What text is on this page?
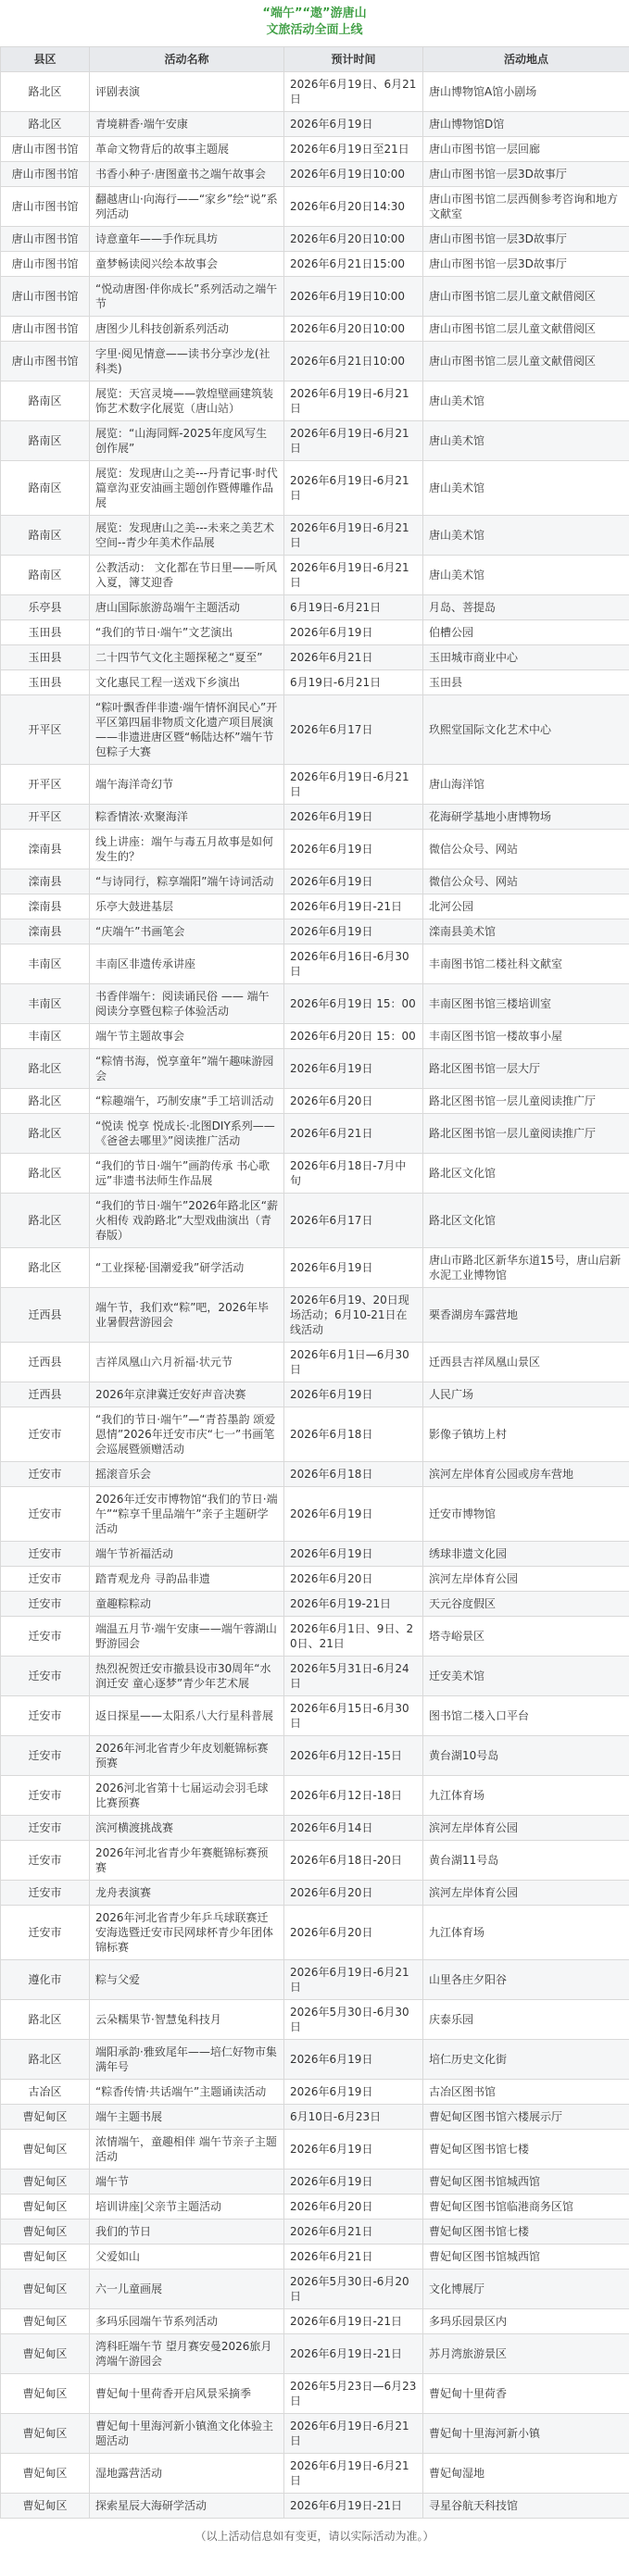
“端午”“遨”游唐山
文旅活动全面上线
县区	活动名称	预计时间	活动地点
路北区	评剧表演	2026年6月19日、6月21日	唐山博物馆A馆小剧场
路北区	青境耕香·端午安康	2026年6月19日	唐山博物馆D馆
唐山市图书馆	革命文物背后的故事主题展	2026年6月19日至21日	唐山市图书馆一层回廊
唐山市图书馆	书香小种子·唐图童书之端午故事会	2026年6月19日10:00	唐山市图书馆一层3D故事厅
唐山市图书馆	翻越唐山·向海行——“家乡”绘“说”系列活动	2026年6月20日14:30	唐山市图书馆二层西侧参考咨询和地方文献室
唐山市图书馆	诗意童年——手作玩具坊	2026年6月20日10:00	唐山市图书馆一层3D故事厅
唐山市图书馆	童梦畅读阅兴绘本故事会	2026年6月21日15:00	唐山市图书馆一层3D故事厅
唐山市图书馆	“悦动唐图·伴你成长”系列活动之端午节	2026年6月19日10:00	唐山市图书馆二层儿童文献借阅区
唐山市图书馆	唐图少儿科技创新系列活动	2026年6月20日10:00	唐山市图书馆二层儿童文献借阅区
唐山市图书馆	字里·阅见情意——读书分享沙龙(社科类)	2026年6月21日10:00	唐山市图书馆二层儿童文献借阅区
路南区	展览：天宫灵境——敦煌壁画建筑装饰艺术数字化展览（唐山站）	2026年6月19日-6月21日	唐山美术馆
路南区	展览：“山海同辉-2025年度风写生创作展”	2026年6月19日-6月21日	唐山美术馆
路南区	展览：发现唐山之美---丹青记事·时代篇章沟亚安油画主题创作暨傅雕作品展	2026年6月19日-6月21日	唐山美术馆
路南区	展览：发现唐山之美---未来之美艺术空间--青少年美术作品展	2026年6月19日-6月21日	唐山美术馆
路南区	公教活动： 文化都在节日里——听风入夏，簿艾迎香	2026年6月19日-6月21日	唐山美术馆
乐亭县	唐山国际旅游岛端午主题活动	6月19日-6月21日	月岛、菩提岛
玉田县	“我们的节日·端午”文艺演出	2026年6月19日	伯槽公园
玉田县	二十四节气文化主题探秘之“夏至”	2026年6月21日	玉田城市商业中心
玉田县	文化惠民工程一送戏下乡演出	6月19日-6月21日	玉田县
开平区	“粽叶飘香伴非遗·端午情怀润民心”开平区第四届非物质文化遗产项目展演——非遗进唐区暨“畅陆达杯”端午节包粽子大赛	2026年6月17日	玖熙堂国际文化艺术中心
开平区	端午海洋奇幻节	2026年6月19日-6月21日	唐山海洋馆
开平区	粽香情浓·欢聚海洋	2026年6月19日	花海研学基地小唐博物场
滦南县	线上讲座：端午与毒五月故事是如何发生的？	2026年6月19日	微信公众号、网站
滦南县	“与诗同行，粽享端阳”端午诗词活动	2026年6月19日	微信公众号、网站
滦南县	乐亭大鼓进基层	2026年6月19日-21日	北河公园
滦南县	“庆端午”书画笔会	2026年6月19日	滦南县美术馆
丰南区	丰南区非遗传承讲座	2026年6月16日-6月30日	丰南图书馆二楼社科文献室
丰南区	书香伴端午：阅读诵民俗 —— 端午阅读分享暨包粽子体验活动	2026年6月19日 15：00	丰南区图书馆三楼培训室
丰南区	端午节主题故事会	2026年6月20日 15：00	丰南区图书馆一楼故事小屋
路北区	“粽情书海，悦享童年”端午趣味游园会	2026年6月19日	路北区图书馆一层大厅
路北区	“粽趣端午，巧制安康”手工培训活动	2026年6月20日	路北区图书馆一层儿童阅读推广厅
路北区	“悦读 悦享 悦成长·北图DIY系列——《爸爸去哪里》”阅读推广活动	2026年6月21日	路北区图书馆一层儿童阅读推广厅
路北区	“我们的节日·端午”画韵传承 书心歌远”非遗书法师生作品展	2026年6月18日-7月中旬	路北区文化馆
路北区	“我们的节日·端午”2026年路北区“薪火相传 戏韵路北”大型戏曲演出（青春版）	2026年6月17日	路北区文化馆
路北区	“工业探秘·国潮爱我”研学活动	2026年6月19日	唐山市路北区新华东道15号，唐山启新水泥工业博物馆
迁西县	端午节，我们欢“粽”吧，2026年毕业暑假营游园会	2026年6月19、20日现场活动；6月10-21日在线活动	栗香湖房车露营地
迁西县	吉祥凤凰山六月祈福·状元节	2026年6月1日—6月30日	迁西县吉祥凤凰山景区
迁西县	2026年京津冀迁安好声音决赛	2026年6月19日	人民广场
迁安市	“我们的节日·端午”—“青苔墨韵 颂爱恩情”2026年迁安市庆“七一”书画笔会巡展暨颁赠活动	2026年6月18日	影像子镇坊上村
迁安市	摇滚音乐会	2026年6月18日	滨河左岸体育公园或房车营地
迁安市	2026年迁安市博物馆“我们的节日·端午”“粽享千里品端午”亲子主题研学活动	2026年6月19日	迁安市博物馆
迁安市	端午节祈福活动	2026年6月19日	绣球非遗文化园
迁安市	踏青观龙舟 寻韵品非遗	2026年6月20日	滨河左岸体育公园
迁安市	童趣粽粽动	2026年6月19-21日	天元谷度假区
迁安市	端温五月节·端午安康——端午蓉湖山野游园会	2026年6月1日、9日、20日、21日	塔寺峪景区
迁安市	热烈祝贺迁安市撤县设市30周年“水润迁安 童心逐梦”青少年艺术展	2026年5月31日-6月24日	迁安美术馆
迁安市	返日探星——太阳系八大行星科普展	2026年6月15日-6月30日	图书馆二楼入口平台
迁安市	2026年河北省青少年皮划艇锦标赛预赛	2026年6月12日-15日	黄台湖10号岛
迁安市	2026河北省第十七届运动会羽毛球比赛预赛	2026年6月12日-18日	九江体育场
迁安市	滨河横渡挑战赛	2026年6月14日	滨河左岸体育公园
迁安市	2026年河北省青少年赛艇锦标赛预赛	2026年6月18日-20日	黄台湖11号岛
迁安市	龙舟表演赛	2026年6月20日	滨河左岸体育公园
迁安市	2026年河北省青少年乒乓球联赛迁安海选暨迁安市民网球杯青少年团体锦标赛	2026年6月20日	九江体育场
遵化市	粽与父爱	2026年6月19日-6月21日	山里各庄夕阳谷
路北区	云朵糯果节·智慧兔科技月	2026年5月30日-6月30日	庆泰乐园
路北区	端阳承韵·雅致尾年——培仁好物市集满年号	2026年6月19日	培仁历史文化街
古冶区	“粽香传情·共话端午”主题诵读活动	2026年6月19日	古冶区图书馆
曹妃甸区	端午主题书展	6月10日-6月23日	曹妃甸区图书馆六楼展示厅
曹妃甸区	浓情端午，童趣相伴 端午节亲子主题活动	2026年6月19日	曹妃甸区图书馆七楼
曹妃甸区	端午节	2026年6月19日	曹妃甸区图书馆城西馆
曹妃甸区	培训讲座|父亲节主题活动	2026年6月20日	曹妃甸区图书馆临港商务区馆
曹妃甸区	我们的节日	2026年6月21日	曹妃甸区图书馆七楼
曹妃甸区	父爱如山	2026年6月21日	曹妃甸区图书馆城西馆
曹妃甸区	六一儿童画展	2026年5月30日-6月20日	文化博展厅
曹妃甸区	多玛乐园端午节系列活动	2026年6月19日-21日	多玛乐园景区内
曹妃甸区	湾科旺端午节 望月赛安曼2026旅月湾端午游园会	2026年6月19日-21日	苏月湾旅游景区
曹妃甸区	曹妃甸十里荷香开启风景采摘季	2026年5月23日—6月23日	曹妃甸十里荷香
曹妃甸区	曹妃甸十里海河新小镇渔文化体验主题活动	2026年6月19日-6月21日	曹妃甸十里海河新小镇
曹妃甸区	湿地露营活动	2026年6月19日-6月21日	曹妃甸湿地
曹妃甸区	探索星辰大海研学活动	2026年6月19日-21日	寻星谷航天科技馆
（以上活动信息如有变更，请以实际活动为准。）
